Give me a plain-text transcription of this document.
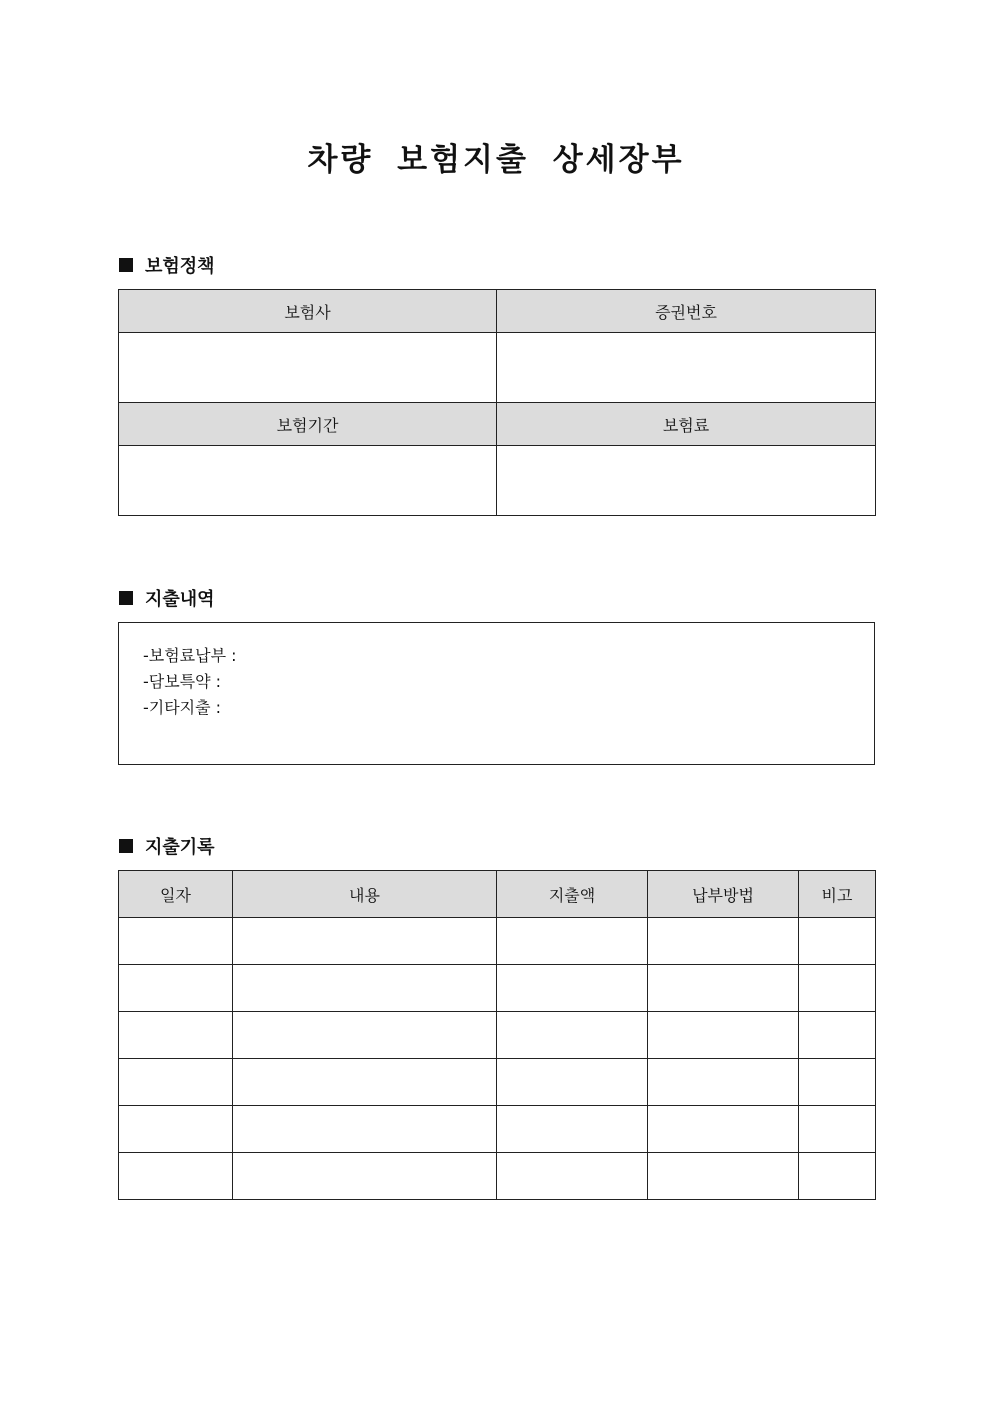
차량 보험지출 상세장부
보험정책
보험사	증권번호

보험기간	보험료

지출내역
-보험료납부 :
-담보특약 :
-기타지출 :
지출기록
일자	내용	지출액	납부방법	비고
